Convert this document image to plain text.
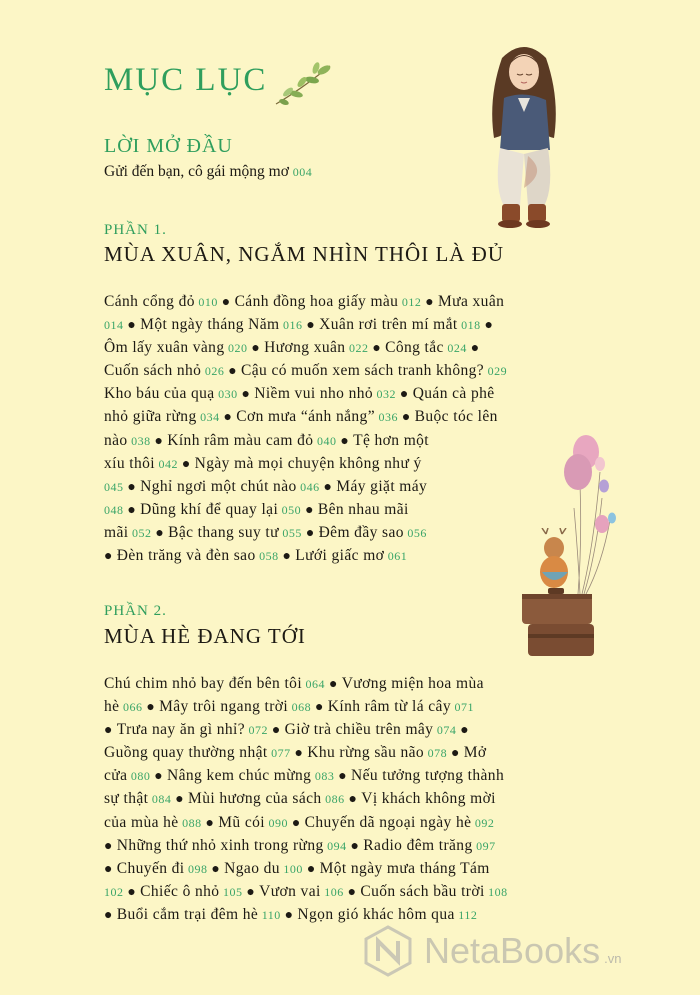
MỤC LỤC
LỜI MỞ ĐẦU
Gửi đến bạn, cô gái mộng mơ 004
PHẦN 1.
MÙA XUÂN, NGẮM NHÌN THÔI LÀ ĐỦ
Cánh cổng đỏ 010 ● Cánh đồng hoa giấy màu 012 ● Mưa xuân
014 ● Một ngày tháng Năm 016 ● Xuân rơi trên mí mắt 018 ●
Ôm lấy xuân vàng 020 ● Hương xuân 022 ● Công tắc 024 ●
Cuốn sách nhỏ 026 ● Cậu có muốn xem sách tranh không? 029
Kho báu của quạ 030 ● Niềm vui nho nhỏ 032 ● Quán cà phê
nhỏ giữa rừng 034 ● Cơn mưa “ánh nắng” 036 ● Buộc tóc lên
nào 038 ● Kính râm màu cam đỏ 040 ● Tệ hơn một
xíu thôi 042 ● Ngày mà mọi chuyện không như ý
045 ● Nghỉ ngơi một chút nào 046 ● Máy giặt máy
048 ● Dũng khí để quay lại 050 ● Bên nhau mãi
mãi 052 ● Bậc thang suy tư 055 ● Đêm đầy sao 056
● Đèn trăng và đèn sao 058 ● Lưới giấc mơ 061
PHẦN 2.
MÙA HÈ ĐANG TỚI
Chú chim nhỏ bay đến bên tôi 064 ● Vương miện hoa mùa
hè 066 ● Mây trôi ngang trời 068 ● Kính râm từ lá cây 071
● Trưa nay ăn gì nhỉ? 072 ● Giờ trà chiều trên mây 074 ●
Guồng quay thường nhật 077 ● Khu rừng sầu não 078 ● Mở
cửa 080 ● Nâng kem chúc mừng 083 ● Nếu tưởng tượng thành
sự thật 084 ● Mùi hương của sách 086 ● Vị khách không mời
của mùa hè 088 ● Mũ cói 090 ● Chuyến dã ngoại ngày hè 092
● Những thứ nhỏ xinh trong rừng 094 ● Radio đêm trăng 097
● Chuyến đi 098 ● Ngao du 100 ● Một ngày mưa tháng Tám
102 ● Chiếc ô nhỏ 105 ● Vươn vai 106 ● Cuốn sách bầu trời 108
● Buổi cắm trại đêm hè 110 ● Ngọn gió khác hôm qua 112
NetaBooks .vn
